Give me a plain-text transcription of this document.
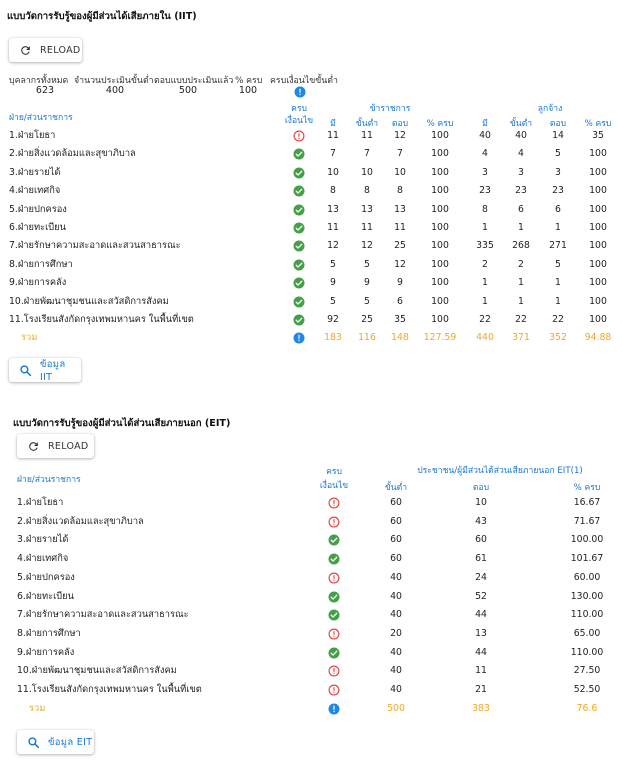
แบบวัดการรับรู้ของผู้มีส่วนได้เสียภายใน (IIT)
RELOAD
บุคลากรทั้งหมด จำนวนประเมินขั้นต่ำ ตอบแบบประเมินแล้ว % ครบ ครบเงื่อนไขขั้นต่ำ
623	400	500	100
ฝ่าย/ส่วนราชการ
ครบ
เงื่อนไข
ข้าราชการ	ลูกจ้าง
มี	ขั้นต่ำ	ตอบ	% ครบ	มี	ขั้นต่ำ	ตอบ	% ครบ
1.ฝ่ายโยธา	11	11	12	100	40	40	14	35
2.ฝ่ายสิ่งแวดล้อมและสุขาภิบาล	7	7	7	100	4	4	5	100
3.ฝ่ายรายได้	10	10	10	100	3	3	3	100
4.ฝ่ายเทศกิจ	8	8	8	100	23	23	23	100
5.ฝ่ายปกครอง	13	13	13	100	8	6	6	100
6.ฝ่ายทะเบียน	11	11	11	100	1	1	1	100
7.ฝ่ายรักษาความสะอาดและสวนสาธารณะ	12	12	25	100	335	268	271	100
8.ฝ่ายการศึกษา	5	5	12	100	2	2	5	100
9.ฝ่ายการคลัง	9	9	9	100	1	1	1	100
10.ฝ่ายพัฒนาชุมชนและสวัสดิการสังคม	5	5	6	100	1	1	1	100
11.โรงเรียนสังกัดกรุงเทพมหานคร ในพื้นที่เขต	92	25	35	100	22	22	22	100
รวม	183	116	148	127.59	440	371	352	94.88
ข้อมูล IIT
แบบวัดการรับรู้ของผู้มีส่วนได้ส่วนเสียภายนอก (EIT)
RELOAD
ฝ่าย/ส่วนราชการ
ครบ
เงื่อนไข
ประชาชน/ผู้มีส่วนได้ส่วนเสียภายนอก EIT(1)
ขั้นต่ำ	ตอบ	% ครบ
1.ฝ่ายโยธา	60	10	16.67
2.ฝ่ายสิ่งแวดล้อมและสุขาภิบาล	60	43	71.67
3.ฝ่ายรายได้	60	60	100.00
4.ฝ่ายเทศกิจ	60	61	101.67
5.ฝ่ายปกครอง	40	24	60.00
6.ฝ่ายทะเบียน	40	52	130.00
7.ฝ่ายรักษาความสะอาดและสวนสาธารณะ	40	44	110.00
8.ฝ่ายการศึกษา	20	13	65.00
9.ฝ่ายการคลัง	40	44	110.00
10.ฝ่ายพัฒนาชุมชนและสวัสดิการสังคม	40	11	27.50
11.โรงเรียนสังกัดกรุงเทพมหานคร ในพื้นที่เขต	40	21	52.50
รวม	500	383	76.6
ข้อมูล EIT
